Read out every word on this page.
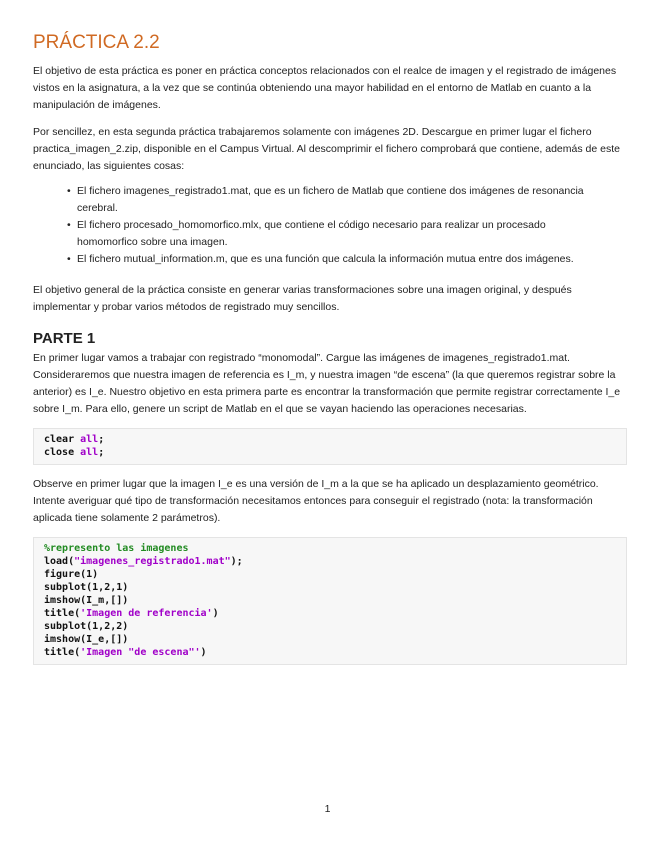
PRÁCTICA 2.2

El objetivo de esta práctica es poner en práctica conceptos relacionados con el realce de imagen y el registrado de imágenes vistos en la asignatura, a la vez que se continúa obteniendo una mayor habilidad en el entorno de Matlab en cuanto a la manipulación de imágenes.

Por sencillez, en esta segunda práctica trabajaremos solamente con imágenes 2D. Descargue en primer lugar el fichero practica_imagen_2.zip, disponible en el Campus Virtual. Al descomprimir el fichero comprobará que contiene, además de este enunciado, las siguientes cosas:

• El fichero imagenes_registrado1.mat, que es un fichero de Matlab que contiene dos imágenes de resonancia cerebral.
• El fichero procesado_homomorfico.mlx, que contiene el código necesario para realizar un procesado homomorfico sobre una imagen.
• El fichero mutual_information.m, que es una función que calcula la información mutua entre dos imágenes.

El objetivo general de la práctica consiste en generar varias transformaciones sobre una imagen original, y después implementar y probar varios métodos de registrado muy sencillos.

PARTE 1

En primer lugar vamos a trabajar con registrado “monomodal”. Cargue las imágenes de imagenes_registrado1.mat. Consideraremos que nuestra imagen de referencia es I_m, y nuestra imagen “de escena” (la que queremos registrar sobre la anterior) es I_e. Nuestro objetivo en esta primera parte es encontrar la transformación que permite registrar correctamente I_e sobre I_m. Para ello, genere un script de Matlab en el que se vayan haciendo las operaciones necesarias.

clear all;
close all;

Observe en primer lugar que la imagen I_e es una versión de I_m a la que se ha aplicado un desplazamiento geométrico. Intente averiguar qué tipo de transformación necesitamos entonces para conseguir el registrado (nota: la transformación aplicada tiene solamente 2 parámetros).

%represento las imagenes
load("imagenes_registrado1.mat");
figure(1)
subplot(1,2,1)
imshow(I_m,[])
title('Imagen de referencia')
subplot(1,2,2)
imshow(I_e,[])
title('Imagen "de escena"')
1
